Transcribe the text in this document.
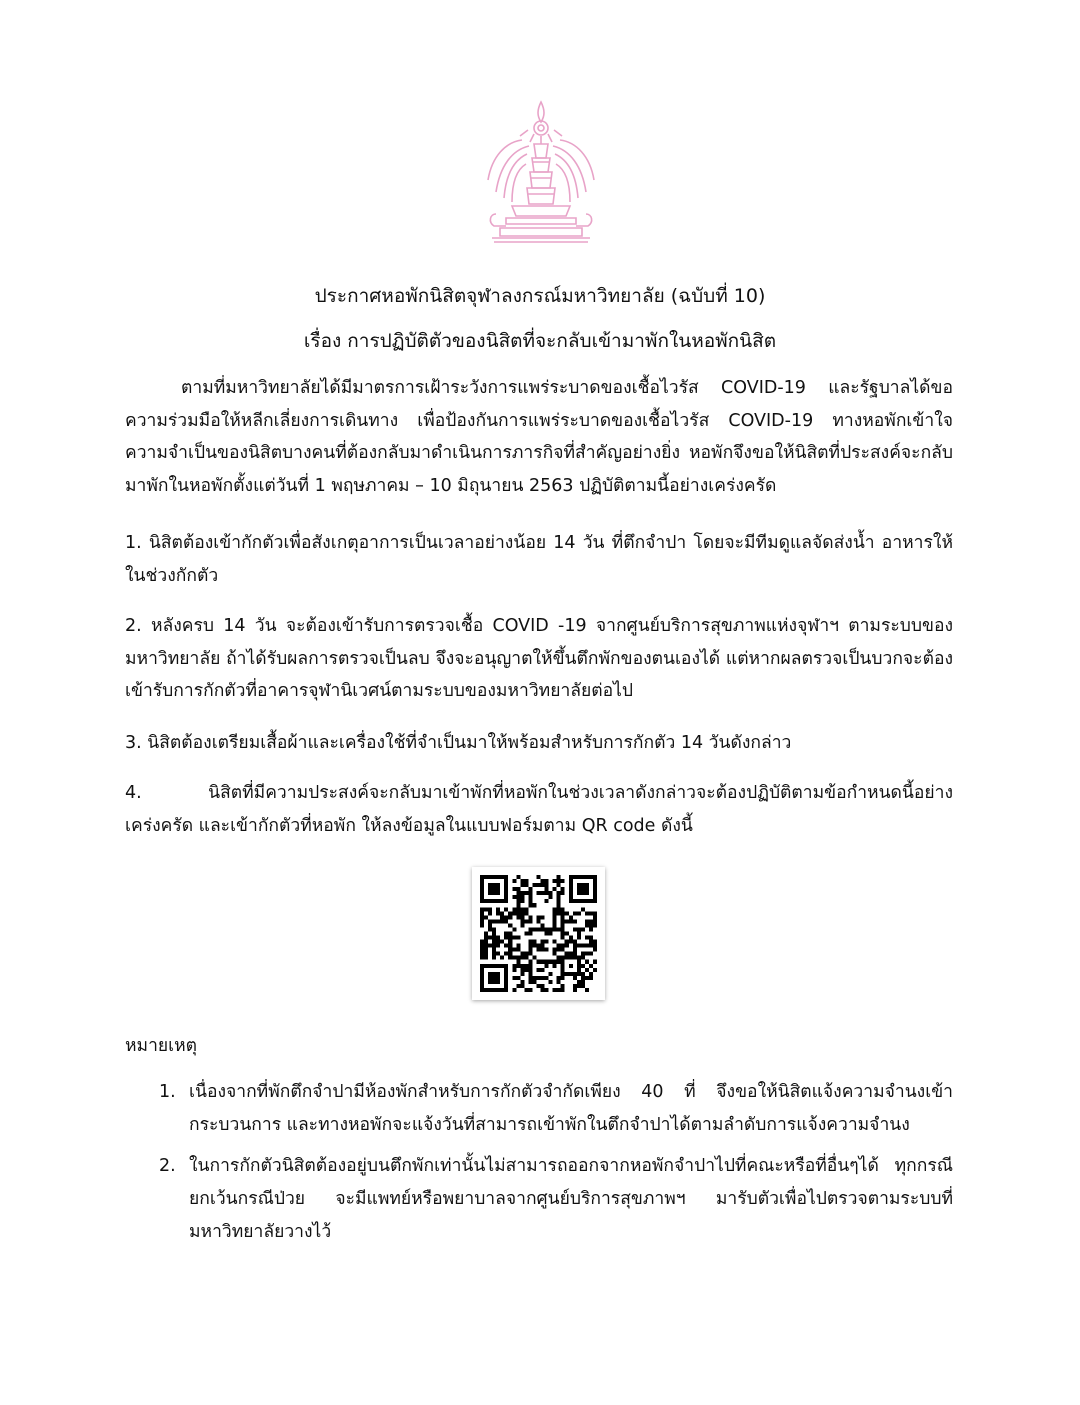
ประกาศหอพักนิสิตจุฬาลงกรณ์มหาวิทยาลัย (ฉบับที่ 10)
เรื่อง การปฏิบัติตัวของนิสิตที่จะกลับเข้ามาพักในหอพักนิสิต

ตามที่มหาวิทยาลัยได้มีมาตรการเฝ้าระวังการแพร่ระบาดของเชื้อไวรัส COVID-19 และรัฐบาลได้ขอความร่วมมือให้หลีกเลี่ยงการเดินทาง เพื่อป้องกันการแพร่ระบาดของเชื้อไวรัส COVID-19 ทางหอพักเข้าใจความจำเป็นของนิสิตบางคนที่ต้องกลับมาดำเนินการภารกิจที่สำคัญอย่างยิ่ง หอพักจึงขอให้นิสิตที่ประสงค์จะกลับมาพักในหอพักตั้งแต่วันที่ 1 พฤษภาคม – 10 มิถุนายน 2563 ปฏิบัติตามนี้อย่างเคร่งครัด

1. นิสิตต้องเข้ากักตัวเพื่อสังเกตุอาการเป็นเวลาอย่างน้อย 14 วัน ที่ตึกจำปา โดยจะมีทีมดูแลจัดส่งน้ำ อาหารให้ในช่วงกักตัว

2. หลังครบ 14 วัน จะต้องเข้ารับการตรวจเชื้อ COVID -19 จากศูนย์บริการสุขภาพแห่งจุฬาฯ ตามระบบของมหาวิทยาลัย ถ้าได้รับผลการตรวจเป็นลบ จึงจะอนุญาตให้ขึ้นตึกพักของตนเองได้ แต่หากผลตรวจเป็นบวกจะต้องเข้ารับการกักตัวที่อาคารจุฬานิเวศน์ตามระบบของมหาวิทยาลัยต่อไป

3. นิสิตต้องเตรียมเสื้อผ้าและเครื่องใช้ที่จำเป็นมาให้พร้อมสำหรับการกักตัว 14 วันดังกล่าว

4. นิสิตที่มีความประสงค์จะกลับมาเข้าพักที่หอพักในช่วงเวลาดังกล่าวจะต้องปฏิบัติตามข้อกำหนดนี้อย่างเคร่งครัด และเข้ากักตัวที่หอพัก ให้ลงข้อมูลในแบบฟอร์มตาม QR code ดังนี้

หมายเหตุ

1. เนื่องจากที่พักตึกจำปามีห้องพักสำหรับการกักตัวจำกัดเพียง 40 ที่ จึงขอให้นิสิตแจ้งความจำนงเข้ากระบวนการ และทางหอพักจะแจ้งวันที่สามารถเข้าพักในตึกจำปาได้ตามลำดับการแจ้งความจำนง
2. ในการกักตัวนิสิตต้องอยู่บนตึกพักเท่านั้นไม่สามารถออกจากหอพักจำปาไปที่คณะหรือที่อื่นๆได้ ทุกกรณียกเว้นกรณีป่วย จะมีแพทย์หรือพยาบาลจากศูนย์บริการสุขภาพฯ มารับตัวเพื่อไปตรวจตามระบบที่มหาวิทยาลัยวางไว้
